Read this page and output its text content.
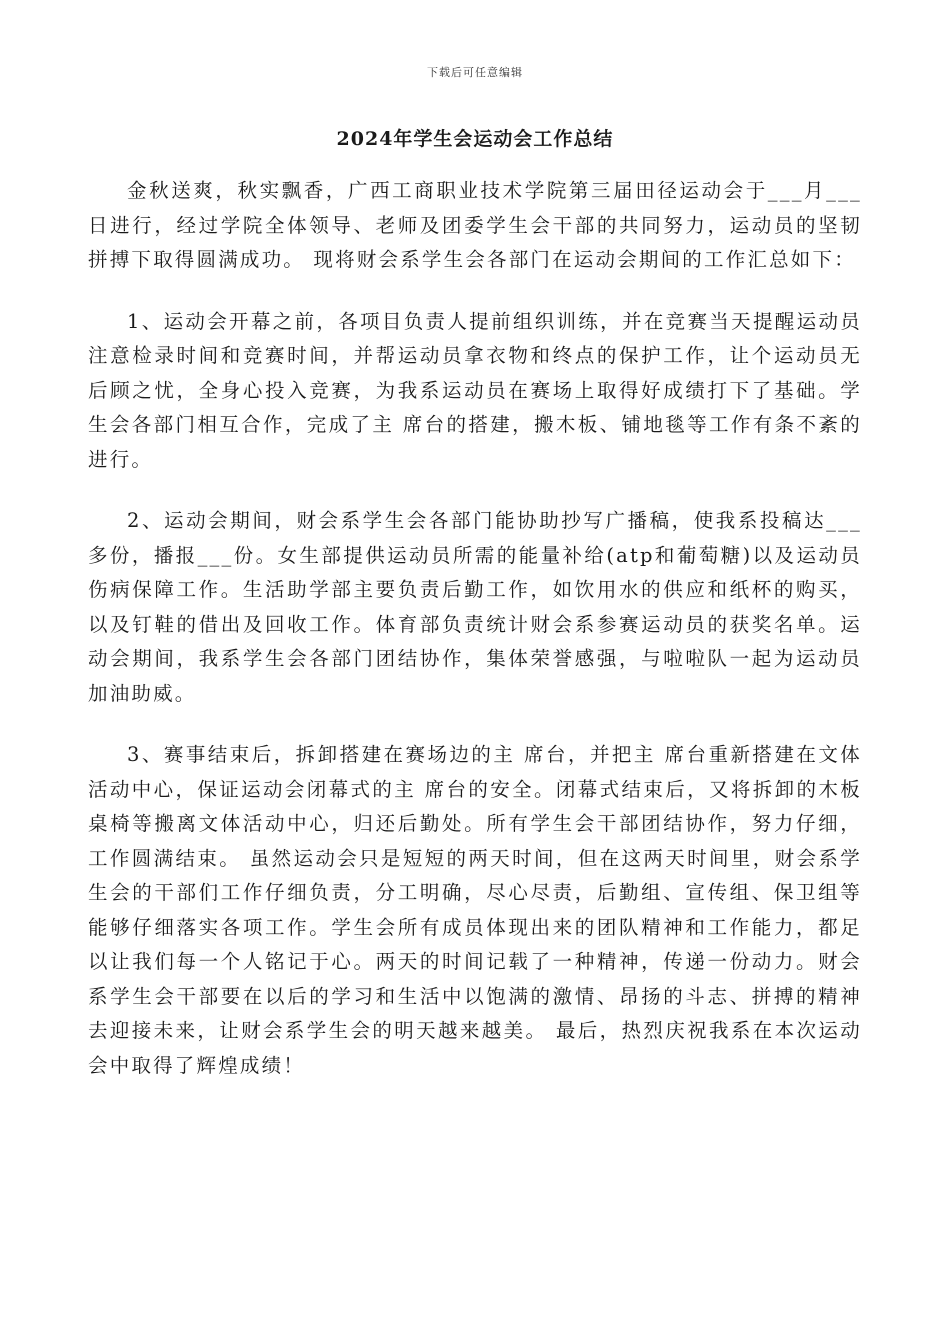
下载后可任意编辑
2024年学生会运动会工作总结

金秋送爽，秋实飘香，广西工商职业技术学院第三届田径运动会于___月___日进行，经过学院全体领导、老师及团委学生会干部的共同努力，运动员的坚韧拼搏下取得圆满成功。 现将财会系学生会各部门在运动会期间的工作汇总如下：

1、运动会开幕之前，各项目负责人提前组织训练，并在竞赛当天提醒运动员注意检录时间和竞赛时间，并帮运动员拿衣物和终点的保护工作，让个运动员无后顾之忧，全身心投入竞赛，为我系运动员在赛场上取得好成绩打下了基础。学生会各部门相互合作，完成了主 席台的搭建，搬木板、铺地毯等工作有条不紊的进行。

2、运动会期间，财会系学生会各部门能协助抄写广播稿，使我系投稿达___多份，播报___份。女生部提供运动员所需的能量补给(atp和葡萄糖)以及运动员伤病保障工作。生活助学部主要负责后勤工作，如饮用水的供应和纸杯的购买，以及钉鞋的借出及回收工作。体育部负责统计财会系参赛运动员的获奖名单。运动会期间，我系学生会各部门团结协作，集体荣誉感强，与啦啦队一起为运动员加油助威。

3、赛事结束后，拆卸搭建在赛场边的主 席台，并把主 席台重新搭建在文体活动中心，保证运动会闭幕式的主 席台的安全。闭幕式结束后，又将拆卸的木板桌椅等搬离文体活动中心，归还后勤处。所有学生会干部团结协作，努力仔细，工作圆满结束。 虽然运动会只是短短的两天时间，但在这两天时间里，财会系学生会的干部们工作仔细负责，分工明确，尽心尽责，后勤组、宣传组、保卫组等能够仔细落实各项工作。学生会所有成员体现出来的团队精神和工作能力，都足以让我们每一个人铭记于心。两天的时间记载了一种精神，传递一份动力。财会系学生会干部要在以后的学习和生活中以饱满的激情、昂扬的斗志、拼搏的精神去迎接未来，让财会系学生会的明天越来越美。 最后，热烈庆祝我系在本次运动会中取得了辉煌成绩！
